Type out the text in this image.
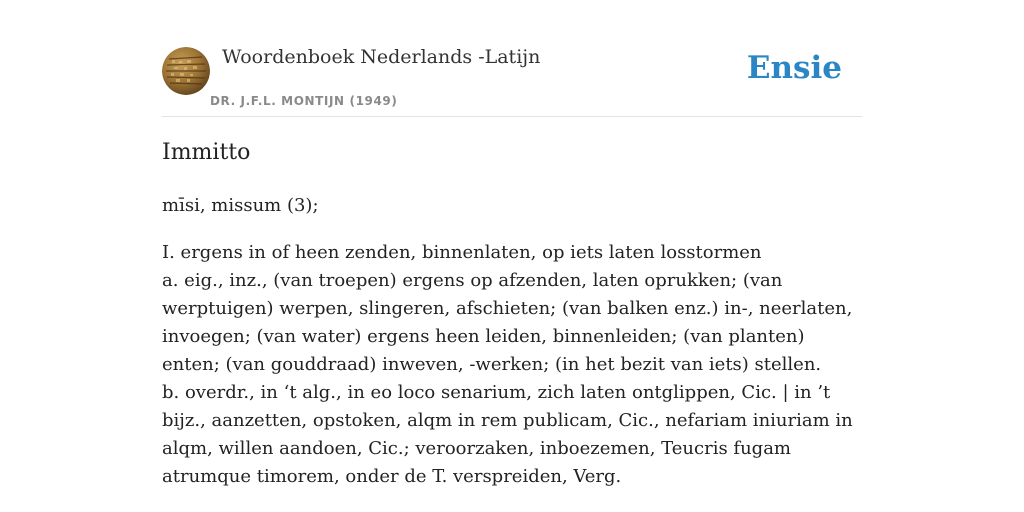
Woordenboek Nederlands -Latijn
DR. J.F.L. MONTIJN (1949)
Ensie
Immitto

mīsi, missum (3);

I. ergens in of heen zenden, binnenlaten, op iets laten losstormen
a. eig., inz., (van troepen) ergens op afzenden, laten oprukken; (van werptuigen) werpen, slingeren, afschieten; (van balken enz.) in-, neerlaten, invoegen; (van water) ergens heen leiden, binnenleiden; (van planten) enten; (van gouddraad) inweven, -werken; (in het bezit van iets) stellen.
b. overdr., in ‘t alg., in eo loco senarium, zich laten ontglippen, Cic. | in ’t bijz., aanzetten, opstoken, alqm in rem publicam, Cic., nefariam iniuriam in alqm, willen aandoen, Cic.; veroorzaken, inboezemen, Teucris fugam atrumque timorem, onder de T. verspreiden, Verg.
